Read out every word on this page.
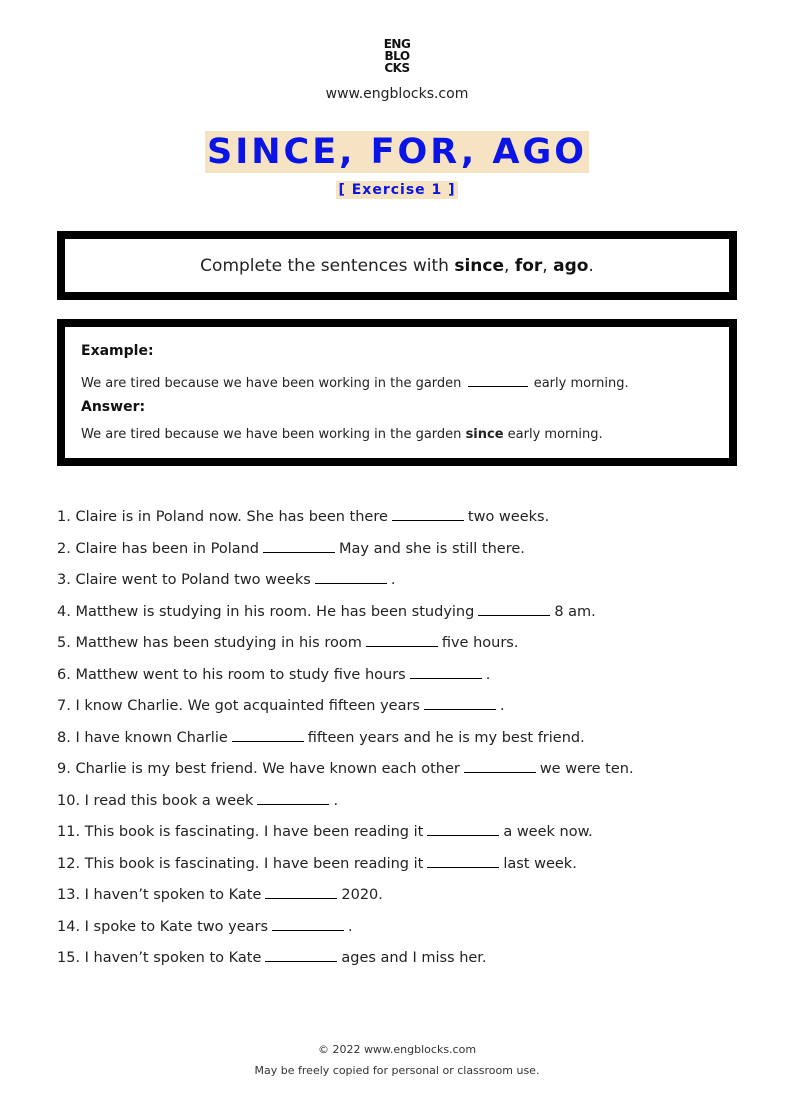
ENG
BLO
CKS
www.engblocks.com
SINCE, FOR, AGO
[ Exercise 1 ]
Complete the sentences with since, for, ago.
Example:
We are tired because we have been working in the garden	early morning.
Answer:
We are tired because we have been working in the garden since early morning.
1. Claire is in Poland now. She has been there	two weeks.
2. Claire has been in Poland	May and she is still there.
3. Claire went to Poland two weeks	.
4. Matthew is studying in his room. He has been studying	8 am.
5. Matthew has been studying in his room	five hours.
6. Matthew went to his room to study five hours	.
7. I know Charlie. We got acquainted fifteen years	.
8. I have known Charlie	fifteen years and he is my best friend.
9. Charlie is my best friend. We have known each other	we were ten.
10. I read this book a week	.
11. This book is fascinating. I have been reading it	a week now.
12. This book is fascinating. I have been reading it	last week.
13. I haven’t spoken to Kate	2020.
14. I spoke to Kate two years	.
15. I haven’t spoken to Kate	ages and I miss her.
© 2022 www.engblocks.com
May be freely copied for personal or classroom use.
